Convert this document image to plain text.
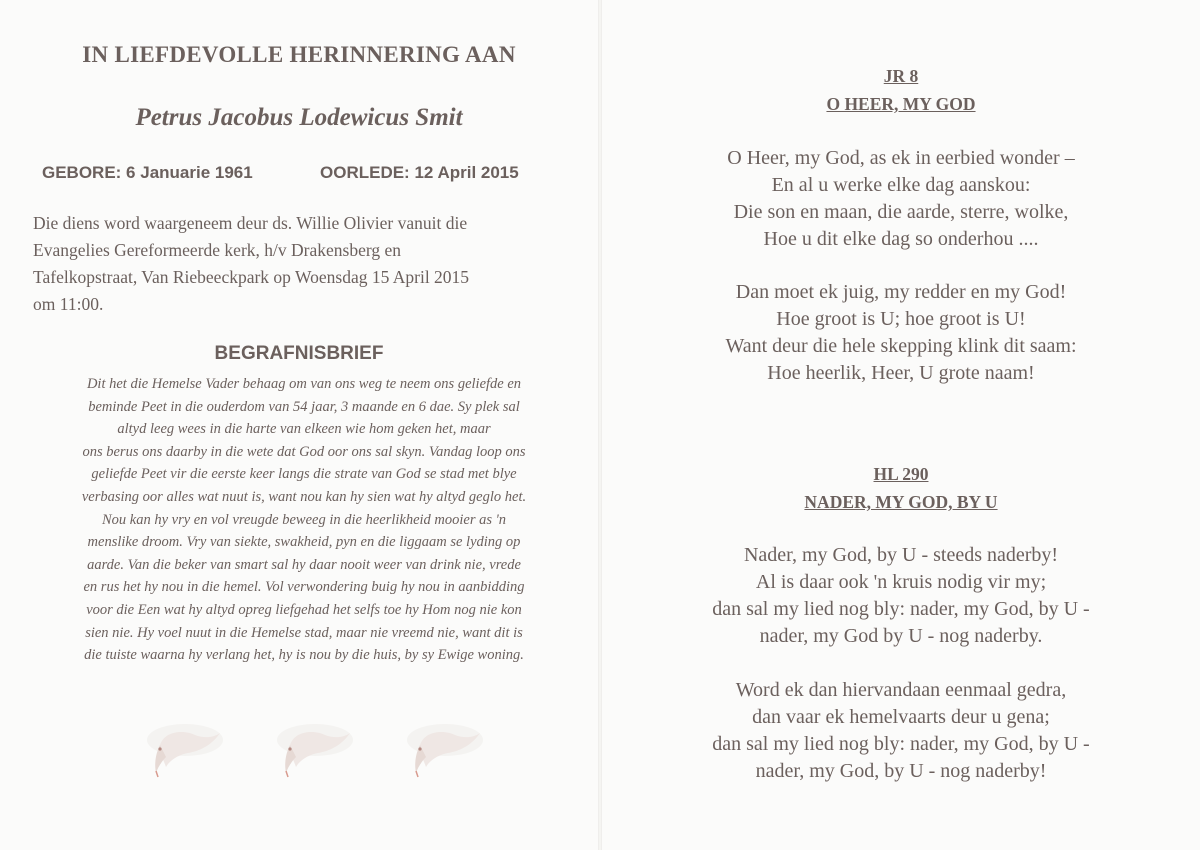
IN LIEFDEVOLLE HERINNERING AAN
Petrus Jacobus Lodewicus Smit
GEBORE: 6 Januarie 1961	OORLEDE: 12 April 2015
Die diens word waargeneem deur ds. Willie Olivier vanuit die
Evangelies Gereformeerde kerk, h/v Drakensberg en
Tafelkopstraat, Van Riebeeckpark op Woensdag 15 April 2015
om 11:00.
BEGRAFNISBRIEF
Dit het die Hemelse Vader behaag om van ons weg te neem ons geliefde en
beminde Peet in die ouderdom van 54 jaar, 3 maande en 6 dae. Sy plek sal
altyd leeg wees in die harte van elkeen wie hom geken het, maar
ons berus ons daarby in die wete dat God oor ons sal skyn. Vandag loop ons
geliefde Peet vir die eerste keer langs die strate van God se stad met blye
verbasing oor alles wat nuut is, want nou kan hy sien wat hy altyd geglo het.
Nou kan hy vry en vol vreugde beweeg in die heerlikheid mooier as 'n
menslike droom. Vry van siekte, swakheid, pyn en die liggaam se lyding op
aarde. Van die beker van smart sal hy daar nooit weer van drink nie, vrede
en rus het hy nou in die hemel. Vol verwondering buig hy nou in aanbidding
voor die Een wat hy altyd opreg liefgehad het selfs toe hy Hom nog nie kon
sien nie. Hy voel nuut in die Hemelse stad, maar nie vreemd nie, want dit is
die tuiste waarna hy verlang het, hy is nou by die huis, by sy Ewige woning.
JR 8
O HEER, MY GOD
O Heer, my God, as ek in eerbied wonder –
En al u werke elke dag aanskou:
Die son en maan, die aarde, sterre, wolke,
Hoe u dit elke dag so onderhou ....
Dan moet ek juig, my redder en my God!
Hoe groot is U; hoe groot is U!
Want deur die hele skepping klink dit saam:
Hoe heerlik, Heer, U grote naam!
HL 290
NADER, MY GOD, BY U
Nader, my God, by U - steeds naderby!
Al is daar ook 'n kruis nodig vir my;
dan sal my lied nog bly: nader, my God, by U -
nader, my God by U - nog naderby.
Word ek dan hiervandaan eenmaal gedra,
dan vaar ek hemelvaarts deur u gena;
dan sal my lied nog bly: nader, my God, by U -
nader, my God, by U - nog naderby!
